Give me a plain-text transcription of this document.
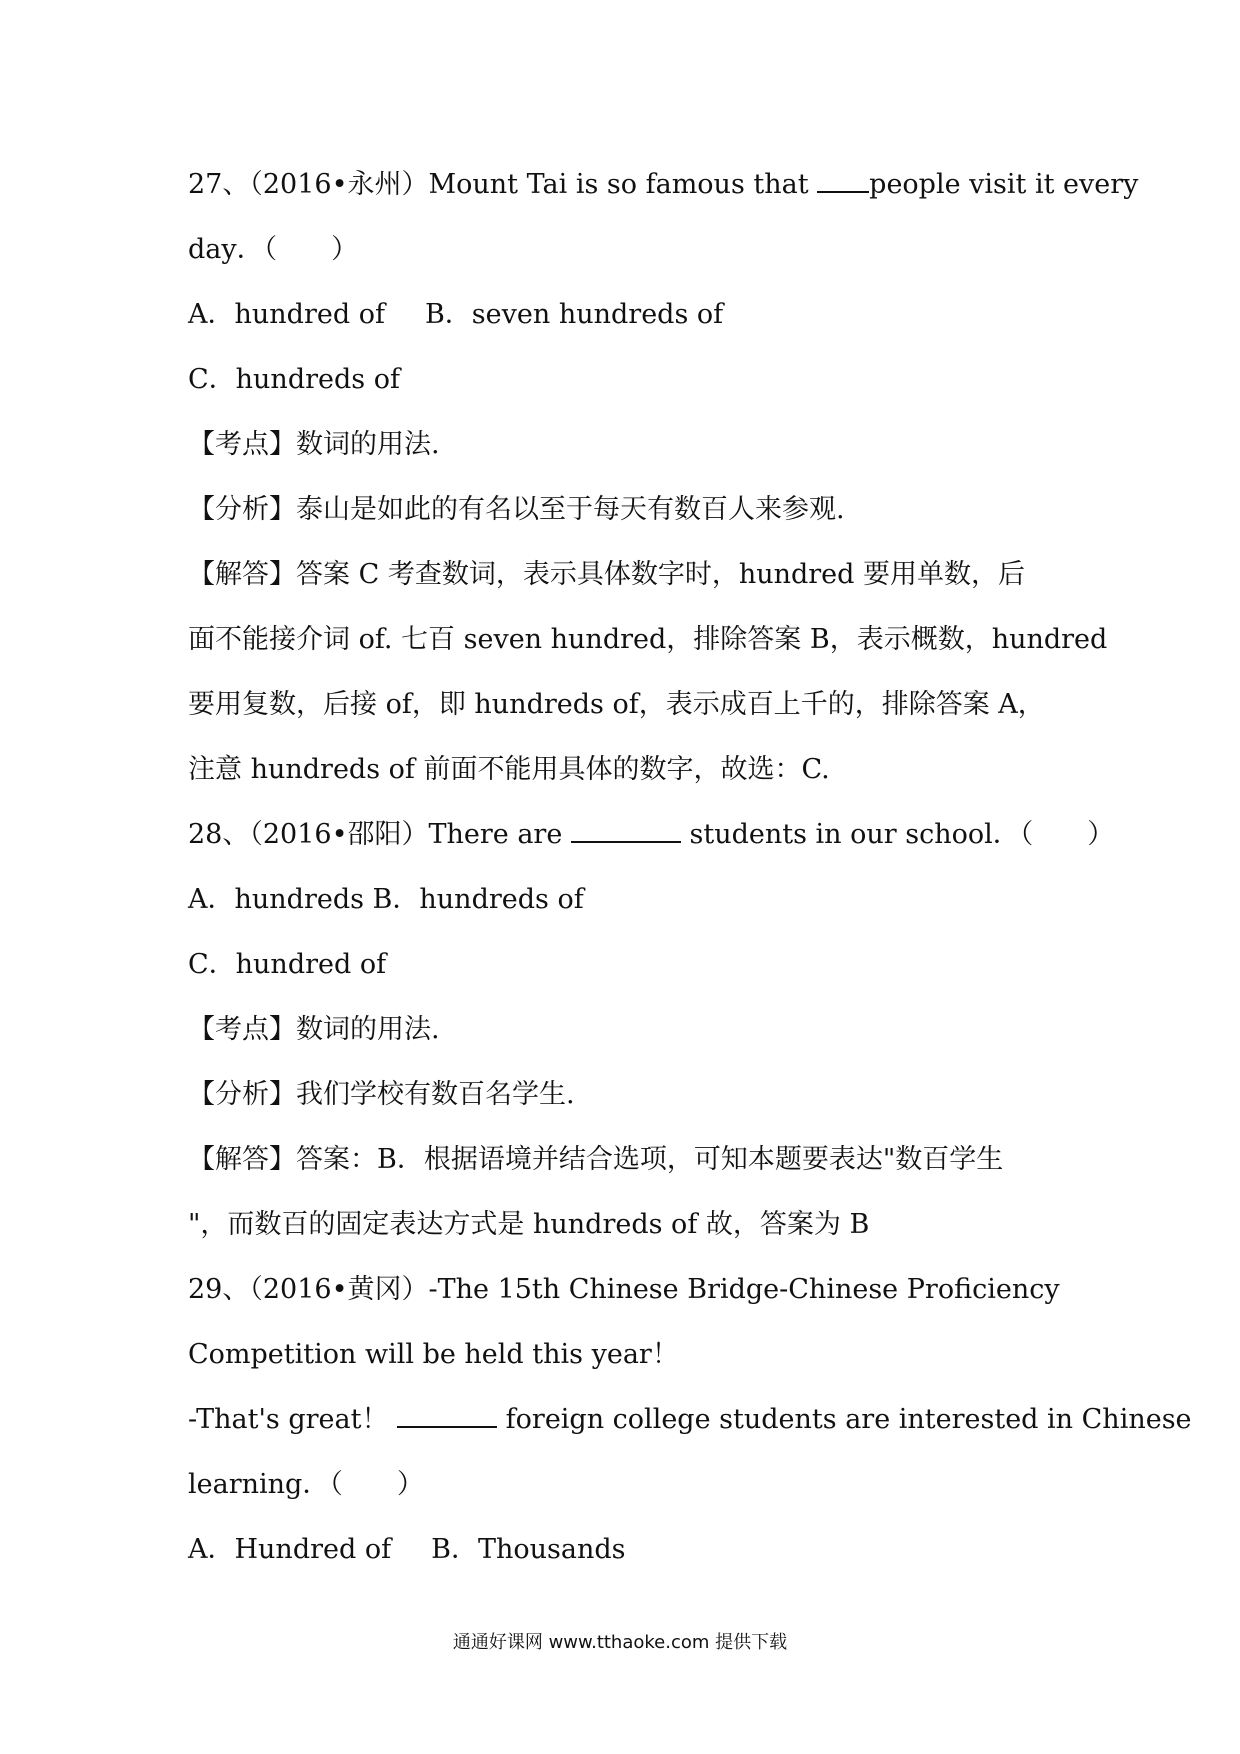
27、（2016•永州）Mount Tai is so famous that people visit it every
day．（　　）
A．hundred of B．seven hundreds of
C．hundreds of
【考点】数词的用法.
【分析】泰山是如此的有名以至于每天有数百人来参观.
【解答】答案 C 考查数词，表示具体数字时，hundred 要用单数，后
面不能接介词 of. 七百 seven hundred，排除答案 B，表示概数，hundred
要用复数，后接 of，即 hundreds of，表示成百上千的，排除答案 A，
注意 hundreds of 前面不能用具体的数字，故选：C.
28、（2016•邵阳）There are	students in our school．（　　）
A．hundreds B．hundreds of
C．hundred of
【考点】数词的用法.
【分析】我们学校有数百名学生.
【解答】答案：B．根据语境并结合选项，可知本题要表达"数百学生
"，而数百的固定表达方式是 hundreds of 故，答案为 B
29、（2016•黄冈）-The 15th Chinese Bridge-Chinese Proficiency
Competition will be held this year！
-That's great！	foreign college students are interested in Chinese
learning．（　　）
A．Hundred of B．Thousands
通通好课网 www.tthaoke.com 提供下载
